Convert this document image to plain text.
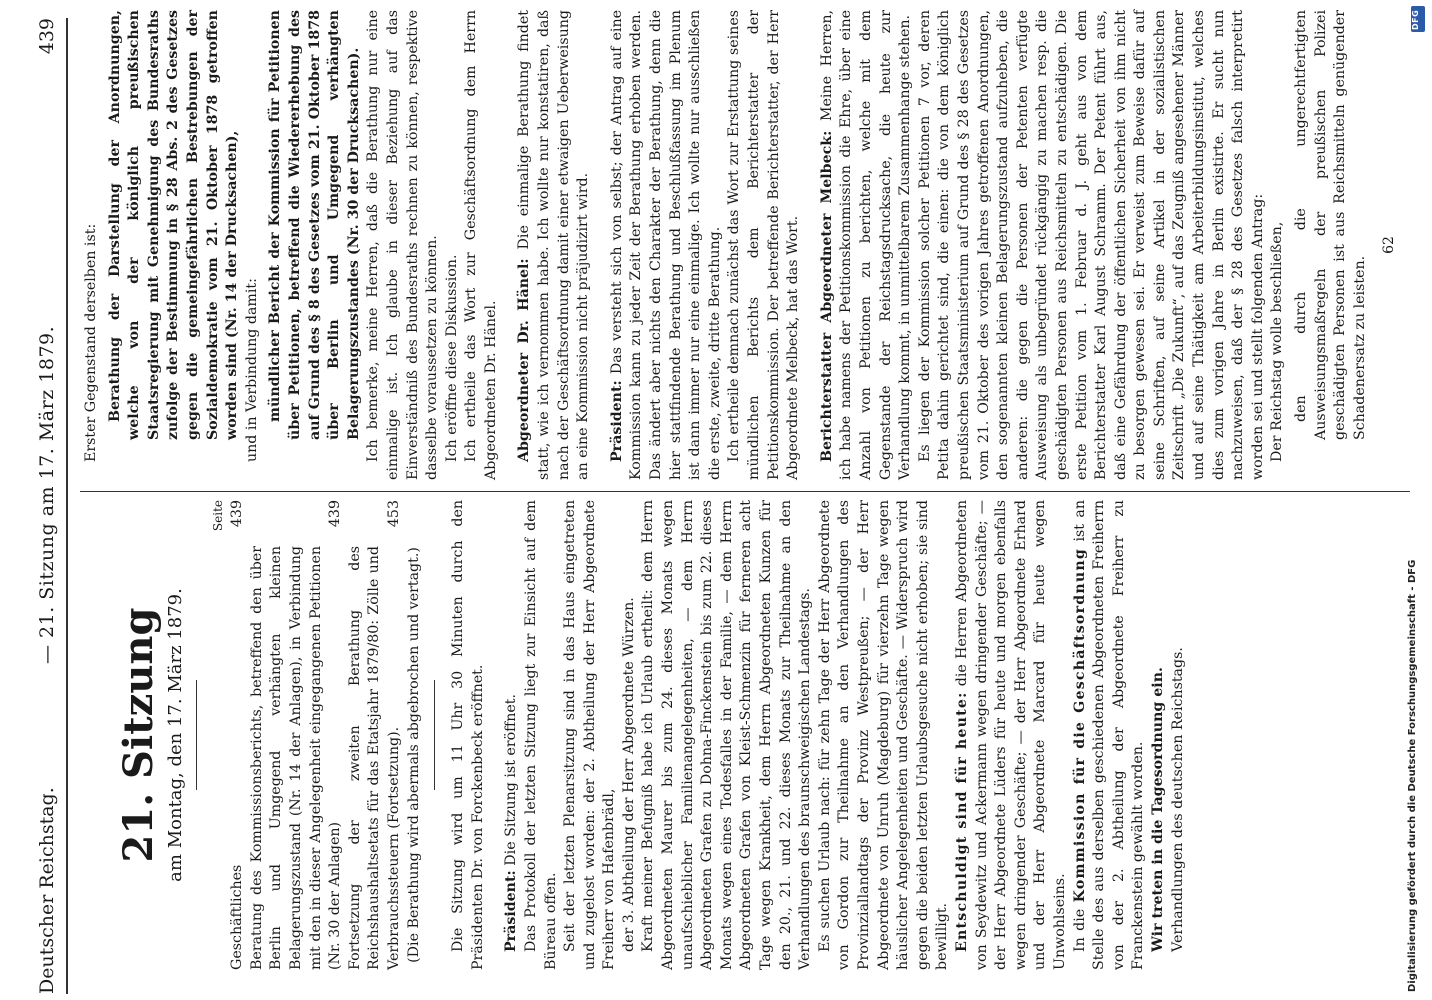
Deutscher Reichstag.
— 21. Sitzung am 17. März 1879.
439
21. Sitzung am Montag, den 17. März 1879.
Seite
Geschäftliches
439
Beratung des Kommissionsberichts, betreffend den über Berlin und Umgegend verhängten kleinen Belagerungszustand (Nr. 14 der Anlagen), in Verbindung mit den in dieser Angelegenheit eingegangenen Petitionen (Nr. 30 der Anlagen)
439
Fortsetzung der zweiten Berathung des Reichshaushaltsetats für das Etatsjahr 1879/80: Zölle und Verbrauchssteuern (Fortsetzung).
453
(Die Berathung wird abermals abgebrochen und vertagt.) Die Sitzung wird um 11 Uhr 30 Minuten durch den Präsidenten Dr. von Forckenbeck eröffnet. Präsident: Die Sitzung ist eröffnet. Das Protokoll der letzten Sitzung liegt zur Einsicht auf dem Büreau offen. Seit der letzten Plenarsitzung sind in das Haus eingetreten und zugelost worden: der 2. Abtheilung der Herr Abgeordnete Freiherr von Hafenbrädl, der 3. Abtheilung der Herr Abgeordnete Würzen. Kraft meiner Befugniß habe ich Urlaub ertheilt: dem Herrn Abgeordneten Maurer bis zum 24. dieses Monats wegen unaufschieblicher Familienangelegenheiten, — dem Herrn Abgeordneten Grafen zu Dohna-Finckenstein bis zum 22. dieses Monats wegen eines Todesfalles in der Familie, — dem Herrn Abgeordneten Grafen von Kleist-Schmenzin für ferneren acht Tage wegen Krankheit, dem Herrn Abgeordneten Kunzen für den 20., 21. und 22. dieses Monats zur Theilnahme an den Verhandlungen des braunschweigischen Landestags. Es suchen Urlaub nach: für zehn Tage der Herr Abgeordnete von Gordon zur Theilnahme an den Verhandlungen des Provinziallandtags der Provinz Westpreußen; — der Herr Abgeordnete von Unruh (Magdeburg) für vierzehn Tage wegen häuslicher Angelegenheiten und Geschäfte. — Widerspruch wird gegen die beiden letzten Urlaubsgesuche nicht erhoben; sie sind bewilligt. Entschuldigt sind für heute: die Herren Abgeordneten von Seydewitz und Ackermann wegen dringender Geschäfte; — der Herr Abgeordnete Lüders für heute und morgen ebenfalls wegen dringender Geschäfte; — der Herr Abgeordnete Erhard und der Herr Abgeordnete Marcard für heute wegen Unwohlseins. In die Kommission für die Geschäftsordnung ist an Stelle des aus derselben geschiedenen Abgeordneten Freiherrn von der 2. Abtheilung der Abgeordnete Freiherr zu Franckenstein gewählt worden. Wir treten in die Tagesordnung ein. Verhandlungen des deutschen Reichstags.

Erster Gegenstand derselben ist: Berathung der Darstellung der Anordnungen, welche von der königlich preußischen Staatsregierung mit Genehmigung des Bundesraths zufolge der Bestimmung in § 28 Abs. 2 des Gesetzes gegen die gemeingefährlichen Bestrebungen der Sozialdemokratie vom 21. Oktober 1878 getroffen worden sind (Nr. 14 der Drucksachen), und in Verbindung damit: mündlicher Bericht der Kommission für Petitionen über Petitionen, betreffend die Wiedererhebung des auf Grund des § 8 des Gesetzes vom 21. Oktober 1878 über Berlin und Umgegend verhängten Belagerungszustandes (Nr. 30 der Drucksachen). Ich bemerke, meine Herren, daß die Berathung nur eine einmalige ist. Ich glaube in dieser Beziehung auf das Einverständniß des Bundesraths rechnen zu können, respektive dasselbe voraussetzen zu können. Ich eröffne diese Diskussion. Ich ertheile das Wort zur Geschäftsordnung dem Herrn Abgeordneten Dr. Hänel. Abgeordneter Dr. Hänel: Die einmalige Berathung findet statt, wie ich vernommen habe. Ich wollte nur konstatiren, daß nach der Geschäftsordnung damit einer etwaigen Ueberweisung an eine Kommission nicht präjudizirt wird. Präsident: Das versteht sich von selbst; der Antrag auf eine Kommission kann zu jeder Zeit der Berathung erhoben werden. Das ändert aber nichts den Charakter der Berathung, denn die hier stattfindende Berathung und Beschlußfassung im Plenum ist dann immer nur eine einmalige. Ich wollte nur ausschließen die erste, zweite, dritte Berathung. Ich ertheile demnach zunächst das Wort zur Erstattung seines mündlichen Berichts dem Berichterstatter der Petitionskommission. Der betreffende Berichterstatter, der Herr Abgeordnete Melbeck, hat das Wort. Berichterstatter Abgeordneter Melbeck: Meine Herren, ich habe namens der Petitionskommission die Ehre, über eine Anzahl von Petitionen zu berichten, welche mit dem Gegenstande der Reichstagsdrucksache, die heute zur Verhandlung kommt, in unmittelbarem Zusammenhange stehen. Es liegen der Kommission solcher Petitionen 7 vor, deren Petita dahin gerichtet sind, die einen: die von dem königlich preußischen Staatsministerium auf Grund des § 28 des Gesetzes vom 21. Oktober des vorigen Jahres getroffenen Anordnungen, den sogenannten kleinen Belagerungszustand aufzuheben, die anderen: die gegen die Personen der Petenten verfügte Ausweisung als unbegründet rückgängig zu machen resp. die geschädigten Personen aus Reichsmitteln zu entschädigen. Die erste Petition vom 1. Februar d. J. geht aus von dem Berichterstatter Karl August Schramm. Der Petent führt aus, daß eine Gefährdung der öffentlichen Sicherheit von ihm nicht zu besorgen gewesen sei. Er verweist zum Beweise dafür auf seine Schriften, auf seine Artikel in der sozialistischen Zeitschrift „Die Zukunft“, auf das Zeugniß angesehener Männer und auf seine Thätigkeit am Arbeiterbildungsinstitut, welches dies zum vorigen Jahre in Berlin existirte. Er sucht nun nachzuweisen, daß der § 28 des Gesetzes falsch interpretirt worden sei und stellt folgenden Antrag: Der Reichstag wolle beschließen, den durch die ungerechtfertigten Ausweisungsmaßregeln der preußischen Polizei geschädigten Personen ist aus Reichsmitteln genügender Schadenersatz zu leisten.

62
DFG
Digitalisierung gefördert durch die Deutsche Forschungsgemeinschaft - DFG
